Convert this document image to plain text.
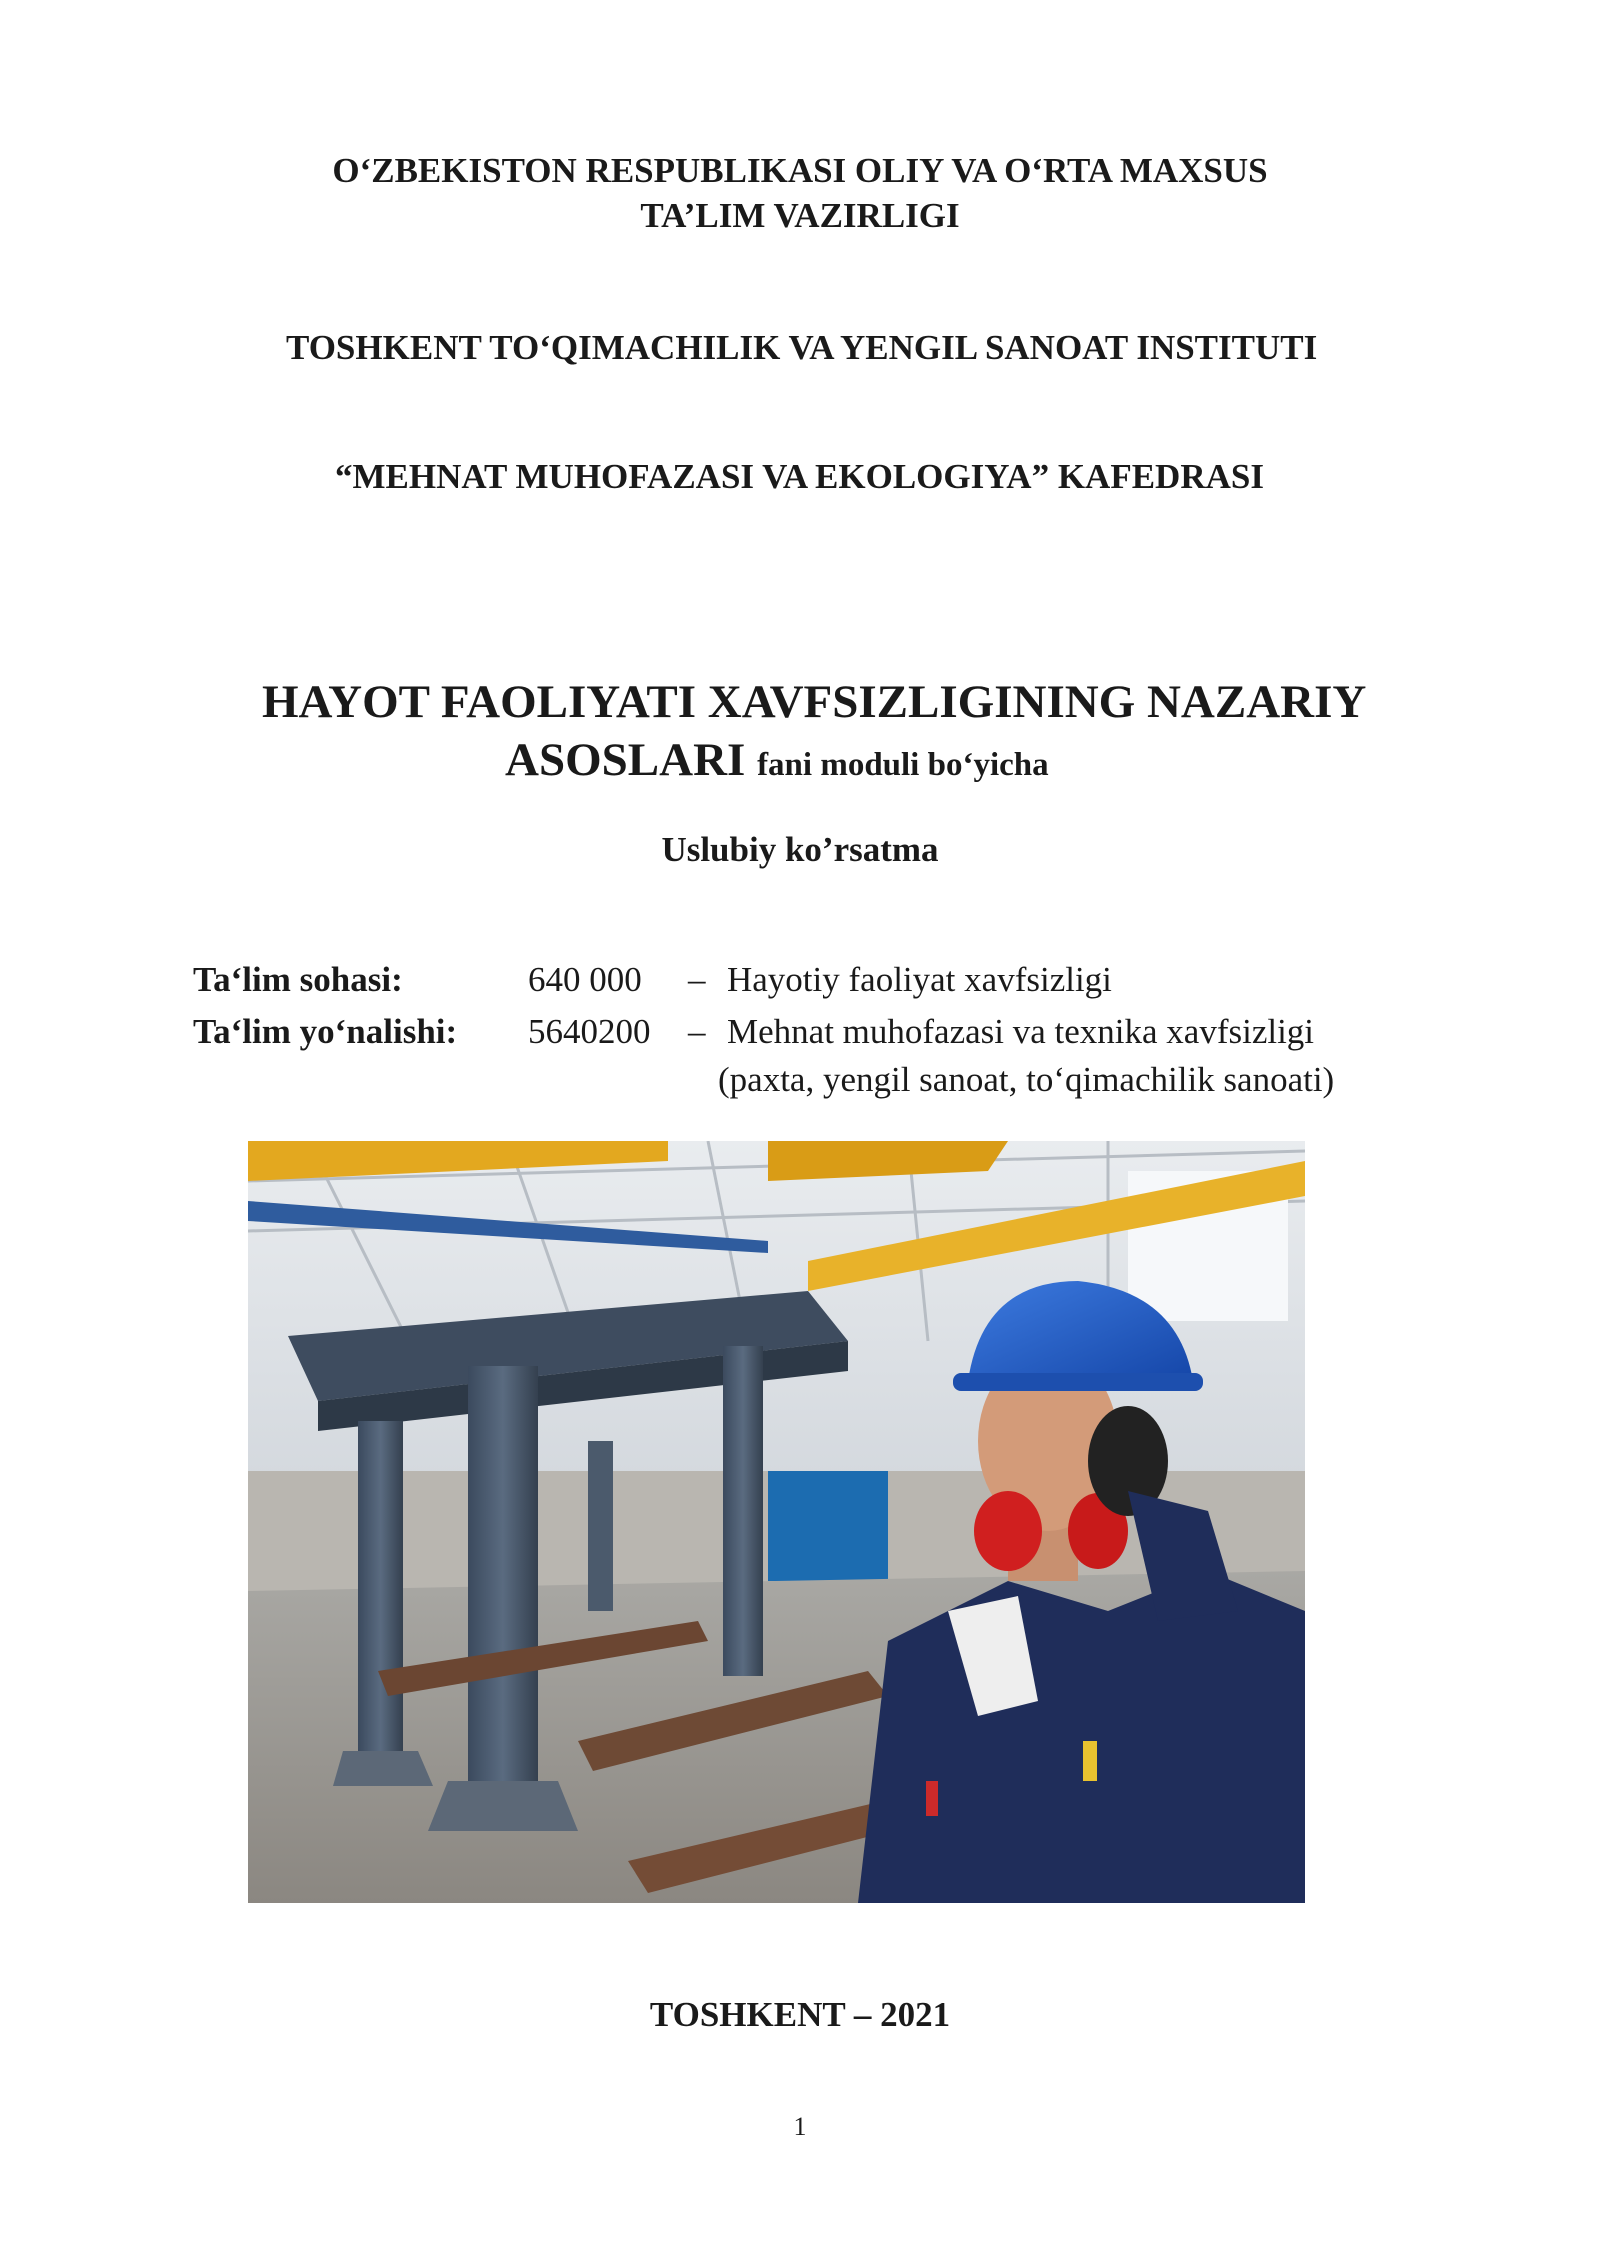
O‘ZBEKISTON RESPUBLIKASI OLIY VA O‘RTA MAXSUS
TA’LIM VAZIRLIGI
TOSHKENT TO‘QIMACHILIK VA YENGIL SANOAT INSTITUTI
“MEHNAT MUHOFAZASI VA EKOLOGIYA” KAFEDRASI
HAYOT FAOLIYATI XAVFSIZLIGINING NAZARIY
ASOSLARI fani moduli bo‘yicha
Uslubiy ko’rsatma
Ta‘lim sohasi:	640 000 – Hayotiy faoliyat xavfsizligi
Ta‘lim yo‘nalishi: 5640200 – Mehnat muhofazasi va texnika xavfsizligi
(paxta, yengil sanoat, to‘qimachilik sanoati)
TOSHKENT – 2021
1
